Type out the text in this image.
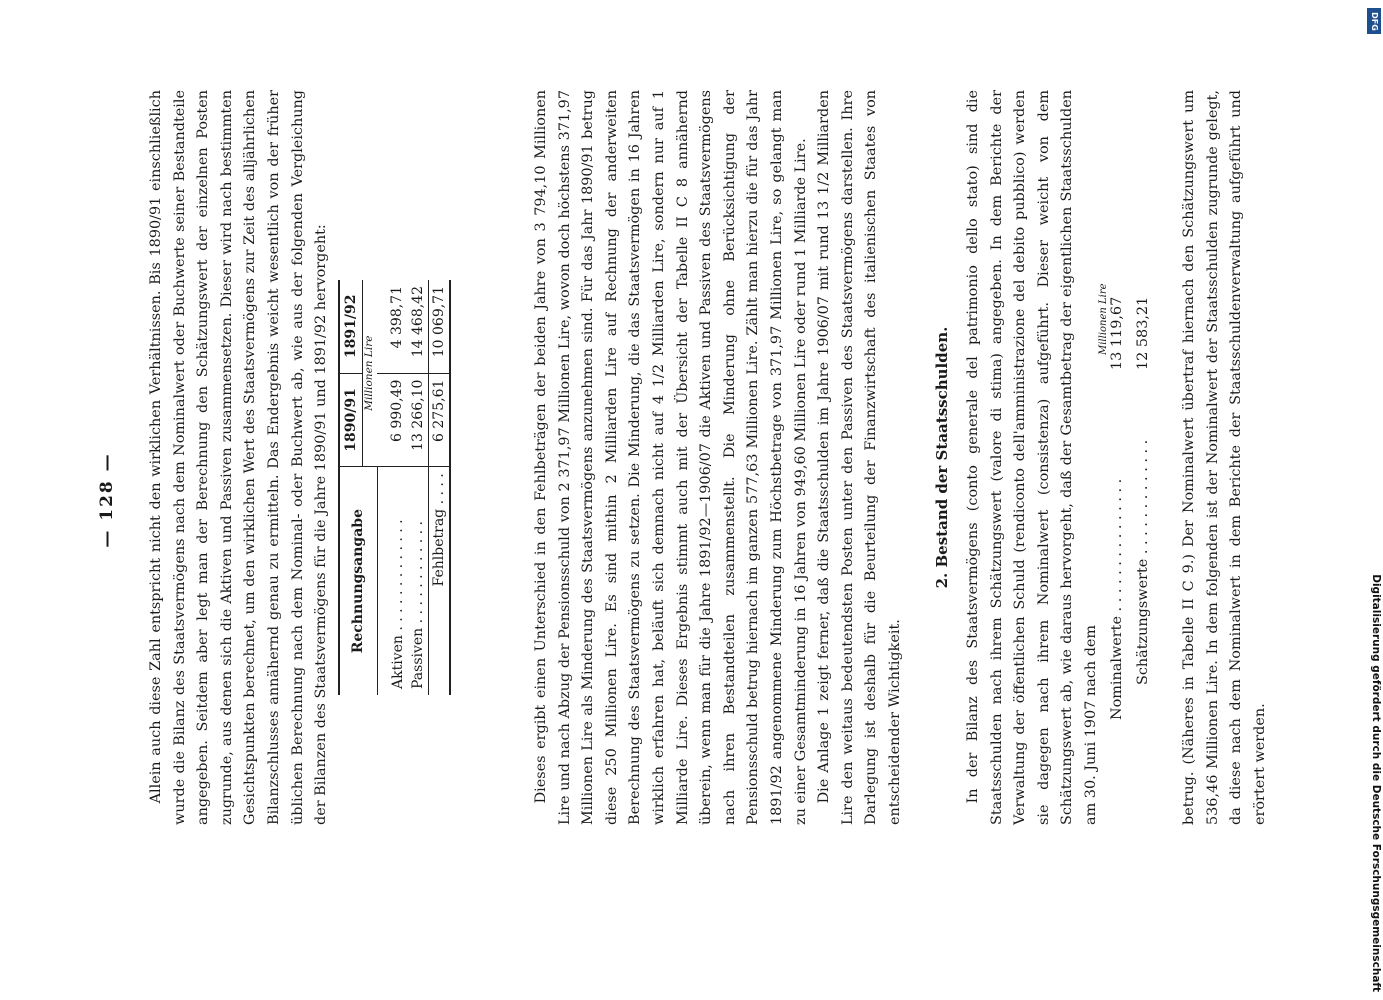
— 128 — Allein auch diese Zahl entspricht nicht den wirklichen Verhältnissen. Bis 1890/91 einschließlich wurde die Bilanz des Staatsvermögens nach dem Nominalwert oder Buchwerte seiner Bestandteile angegeben. Seitdem aber legt man der Berechnung den Schätzungswert der einzelnen Posten zugrunde, aus denen sich die Aktiven und Passiven zusammensetzen. Dieser wird nach bestimmten Gesichtspunkten berechnet, um den wirklichen Wert des Staatsvermögens zur Zeit des alljährlichen Bilanzschlusses annähernd genau zu ermitteln. Das Endergebnis weicht wesentlich von der früher üblichen Berechnung nach dem Nominal- oder Buchwert ab, wie aus der folgenden Vergleichung der Bilanzen des Staatsvermögens für die Jahre 1890/91 und 1891/92 hervorgeht:	Rechnungsangabe	1890/91	1891/92
	Millionen Lire	
Aktiven . . . . . . . . . . . . .	6 990,49	4 398,71
Passiven . . . . . . . . . . . .	13 266,10	14 468,42
Fehlbetrag . . . .	6 275,61	10 069,71	Dieses ergibt einen Unterschied in den Fehlbeträgen der beiden Jahre von 3 794,10 Millionen Lire und nach Abzug der Pensionsschuld von 2 371,97 Millionen Lire, wovon doch höchstens 371,97 Millionen Lire als Minderung des Staatsvermögens anzunehmen sind. Für das Jahr 1890/91 betrug diese 250 Millionen Lire. Es sind mithin 2 Milliarden Lire auf Rechnung der anderweiten Berechnung des Staatsvermögens zu setzen. Die Minderung, die das Staatsvermögen in 16 Jahren wirklich erfahren hat, beläuft sich demnach nicht auf 4 1/2 Milliarden Lire, sondern nur auf 1 Milliarde Lire. Dieses Ergebnis stimmt auch mit der Übersicht der Tabelle II C 8 annähernd überein, wenn man für die Jahre 1891/92—1906/07 die Aktiven und Passiven des Staatsvermögens nach ihren Bestandteilen zusammenstellt. Die Minderung ohne Berücksichtigung der Pensionsschuld betrug hiernach im ganzen 577,63 Millionen Lire. Zählt man hierzu die für das Jahr 1891/92 angenommene Minderung zum Höchstbetrage von 371,97 Millionen Lire, so gelangt man zu einer Gesamtminderung in 16 Jahren von 949,60 Millionen Lire oder rund 1 Milliarde Lire. Die Anlage 1 zeigt ferner, daß die Staatsschulden im Jahre 1906/07 mit rund 13 1/2 Milliarden Lire den weitaus bedeutendsten Posten unter den Passiven des Staatsvermögens darstellen. Ihre Darlegung ist deshalb für die Beurteilung der Finanzwirtschaft des italienischen Staates von entscheidender Wichtigkeit.

2. Bestand der Staatsschulden. In der Bilanz des Staatsvermögens (conto generale del patrimonio dello stato) sind die Staatsschulden nach ihrem Schätzungswert (valore di stima) angegeben. In dem Berichte der Verwaltung der öffentlichen Schuld (rendiconto dell'amministrazione del debito pubblico) werden sie dagegen nach ihrem Nominalwert (consistenza) aufgeführt. Dieser weicht von dem Schätzungswert ab, wie daraus hervorgeht, daß der Gesamtbetrag der eigentlichen Staatsschulden am 30. Juni 1907 nach dem

Millionen Lire
Nominalwerte . . . . . . . . . . . . . . .
13 119,67
Schätzungswerte . . . . . . . . . . . . .
12 583,21	betrug. (Näheres in Tabelle II C 9.) Der Nominalwert übertraf hiernach den Schätzungswert um 536,46 Millionen Lire. In dem folgenden ist der Nominalwert der Staatsschulden zugrunde gelegt, da diese nach dem Nominalwert in dem Berichte der Staatsschuldenverwaltung aufgeführt und erörtert werden.

DFG
Digitalisierung gefördert durch die Deutsche Forschungsgemeinschaft
